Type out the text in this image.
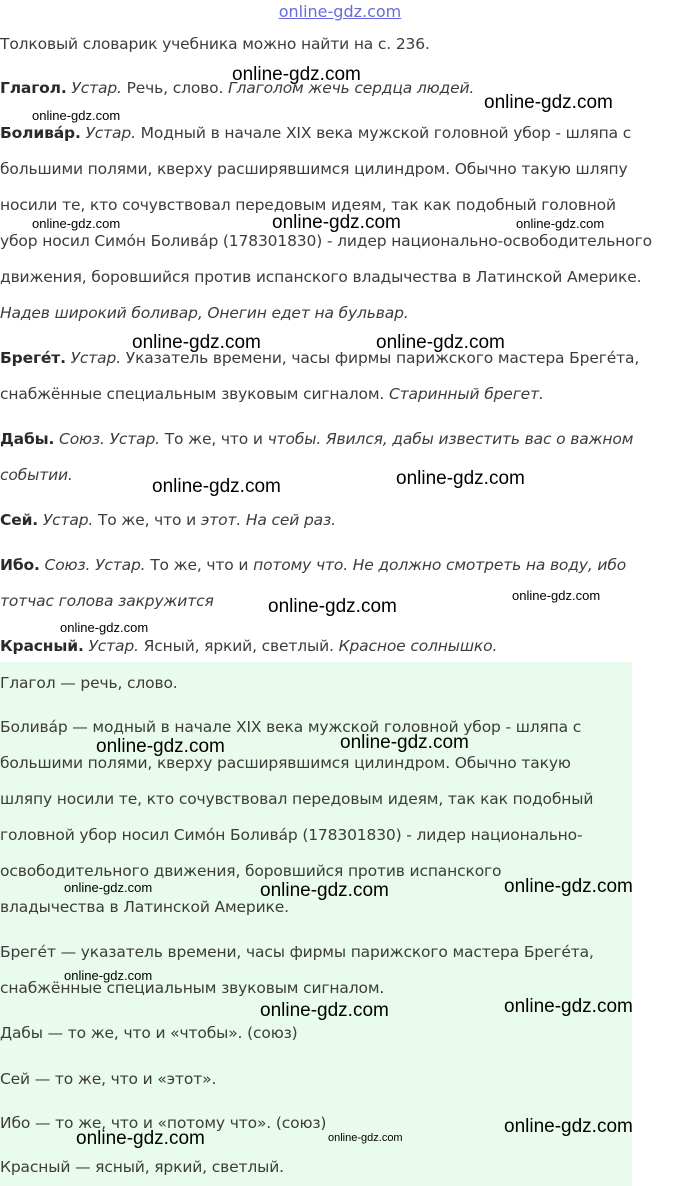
online-gdz.com
Толковый словарик учебника можно найти на с. 236.
Глагол. Устар. Речь, слово. Глаголом жечь сердца людей.
Боливáр. Устар. Модный в начале XIX века мужской головной убор - шляпа с
большими полями, кверху расширявшимся цилиндром. Обычно такую шляпу
носили те, кто сочувствовал передовым идеям, так как подобный головной
убор носил Симóн Боливáр (178301830) - лидер национально-освободительного
движения, боровшийся против испанского владычества в Латинской Америке.
Надев широкий боливар, Онегин едет на бульвар.
Брегéт. Устар. Указатель времени, часы фирмы парижского мастера Брегéта,
снабжённые специальным звуковым сигналом. Старинный брегет.
Дабы. Союз. Устар. То же, что и чтобы. Явился, дабы известить вас о важном
событии.
Сей. Устар. То же, что и этот. На сей раз.
Ибо. Союз. Устар. То же, что и потому что. Не должно смотреть на воду, ибо
тотчас голова закружится
Красный. Устар. Ясный, яркий, светлый. Красное солнышко.
Глагол — речь, слово.
Боливáр — модный в начале XIX века мужской головной убор - шляпа с
большими полями, кверху расширявшимся цилиндром. Обычно такую
шляпу носили те, кто сочувствовал передовым идеям, так как подобный
головной убор носил Симóн Боливáр (178301830) - лидер национально-
освободительного движения, боровшийся против испанского
владычества в Латинской Америке.
Брегéт — указатель времени, часы фирмы парижского мастера Брегéта,
снабжённые специальным звуковым сигналом.
Дабы — то же, что и «чтобы». (союз)
Сей — то же, что и «этот».
Ибо — то же, что и «потому что». (союз)
Красный — ясный, яркий, светлый.
online-gdz.com
online-gdz.com
online-gdz.com
online-gdz.com	online-gdz.com	online-gdz.com
online-gdz.com	online-gdz.com
online-gdz.com
online-gdz.com
online-gdz.com
online-gdz.com
online-gdz.com
online-gdz.com
online-gdz.com
online-gdz.com	online-gdz.com	online-gdz.com
online-gdz.com
online-gdz.com	online-gdz.com
online-gdz.com
online-gdz.com	online-gdz.com
